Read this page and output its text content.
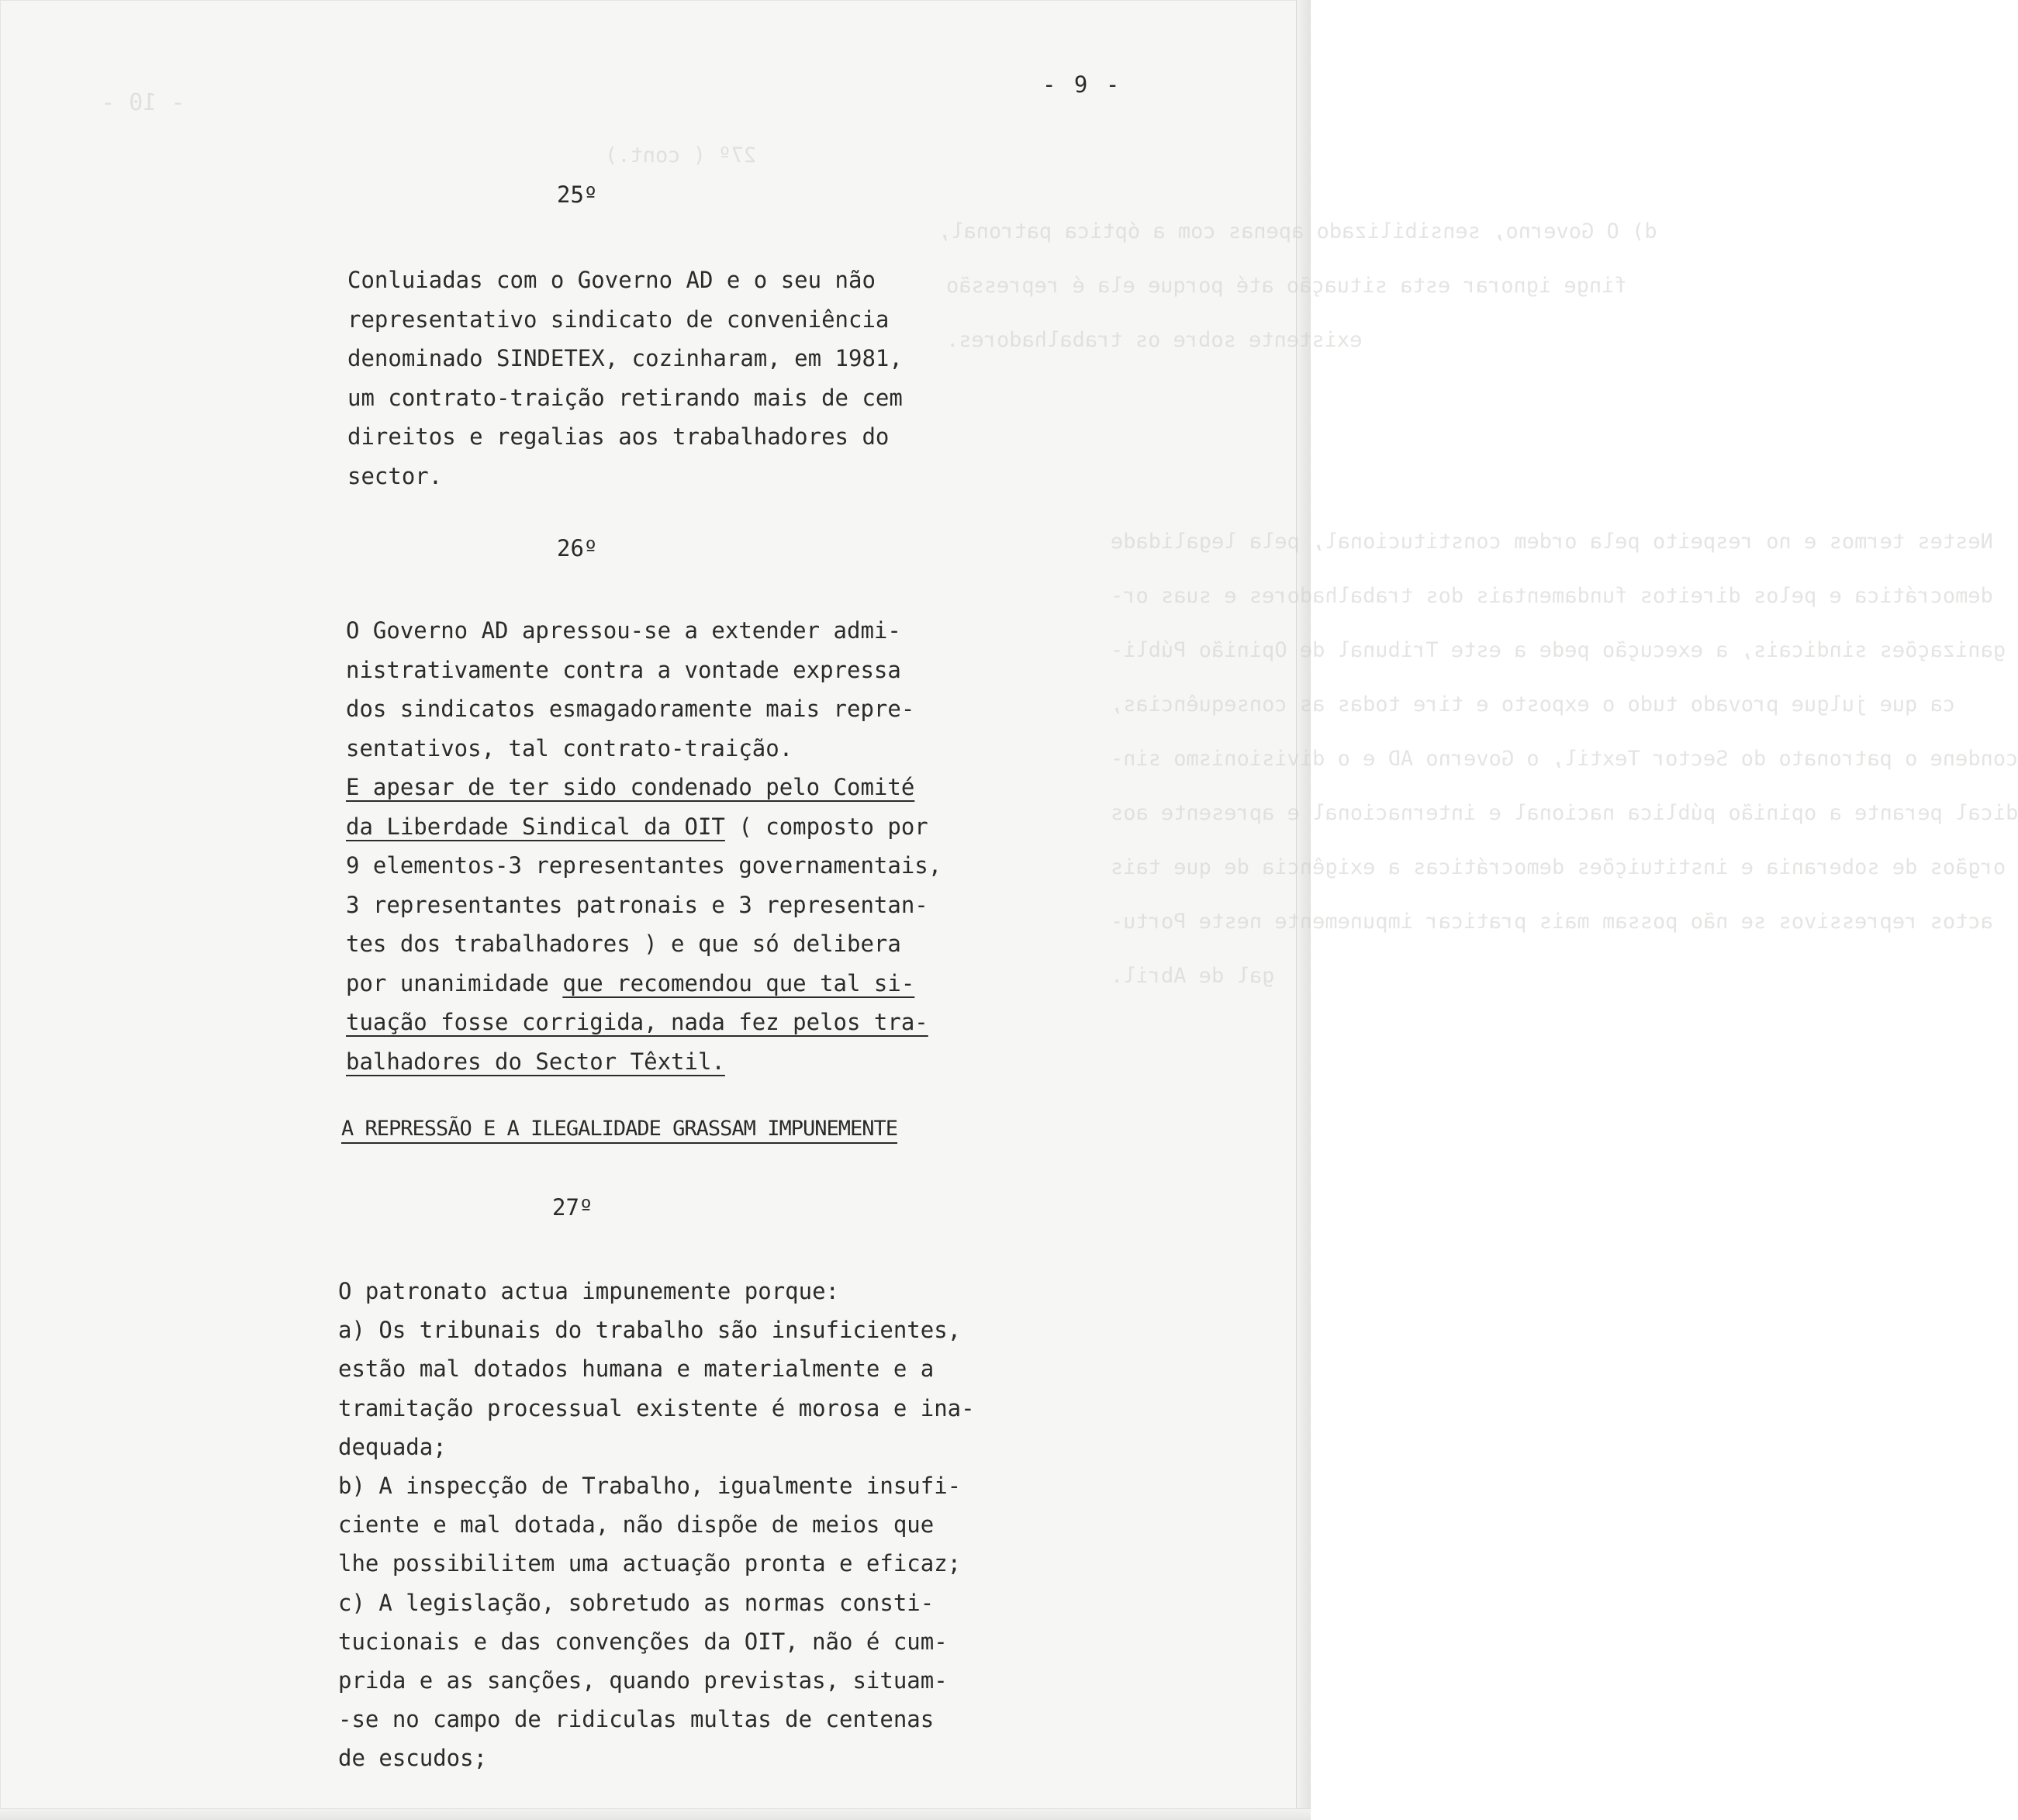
- 10 -
27º ( cont.)
d) O Governo, sensibilizado apenas com a óptica patronal,
finge ignorar esta situação até porque ela é repressão
existente sobre os trabalhadores.
Nestes termos e no respeito pela ordem constitucional, pela legalidade
democrática e pelos direitos fundamentais dos trabalhadores e suas or-
ganizações sindicais, a execução pede a este Tribunal de Opinião Públi-
ca que julgue provado tudo o exposto e tire todas as consequências,
condene o patronato do Sector Textil, o Governo AD e o divisionismo sin-
dical perante a opinião pública nacional e internacional e apresente aos
orgãos de soberania e instituições democráticas a exigência de que tais
actos repressivos se não possam mais praticar impunemente neste Portu-
gal de Abril.
- 9 -
25º
Conluiadas com o Governo AD e o seu não
representativo sindicato de conveniência
denominado SINDETEX, cozinharam, em 1981,
um contrato-traição retirando mais de cem
direitos e regalias aos trabalhadores do
sector.
26º
O Governo AD apressou-se a extender admi-
nistrativamente contra a vontade expressa
dos sindicatos esmagadoramente mais repre-
sentativos, tal contrato-traição.
E apesar de ter sido condenado pelo Comité
da Liberdade Sindical da OIT ( composto por
9 elementos-3 representantes governamentais,
3 representantes patronais e 3 representan-
tes dos trabalhadores ) e que só delibera
por unanimidade que recomendou que tal si-
tuação fosse corrigida, nada fez pelos tra-
balhadores do Sector Têxtil.
A REPRESSÃO E A ILEGALIDADE GRASSAM IMPUNEMENTE
27º
O patronato actua impunemente porque:
a) Os tribunais do trabalho são insuficientes,
estão mal dotados humana e materialmente e a
tramitação processual existente é morosa e ina-
dequada;
b) A inspecção de Trabalho, igualmente insufi-
ciente e mal dotada, não dispõe de meios que
lhe possibilitem uma actuação pronta e eficaz;
c) A legislação, sobretudo as normas consti-
tucionais e das convenções da OIT, não é cum-
prida e as sanções, quando previstas, situam-
-se no campo de ridiculas multas de centenas
de escudos;
